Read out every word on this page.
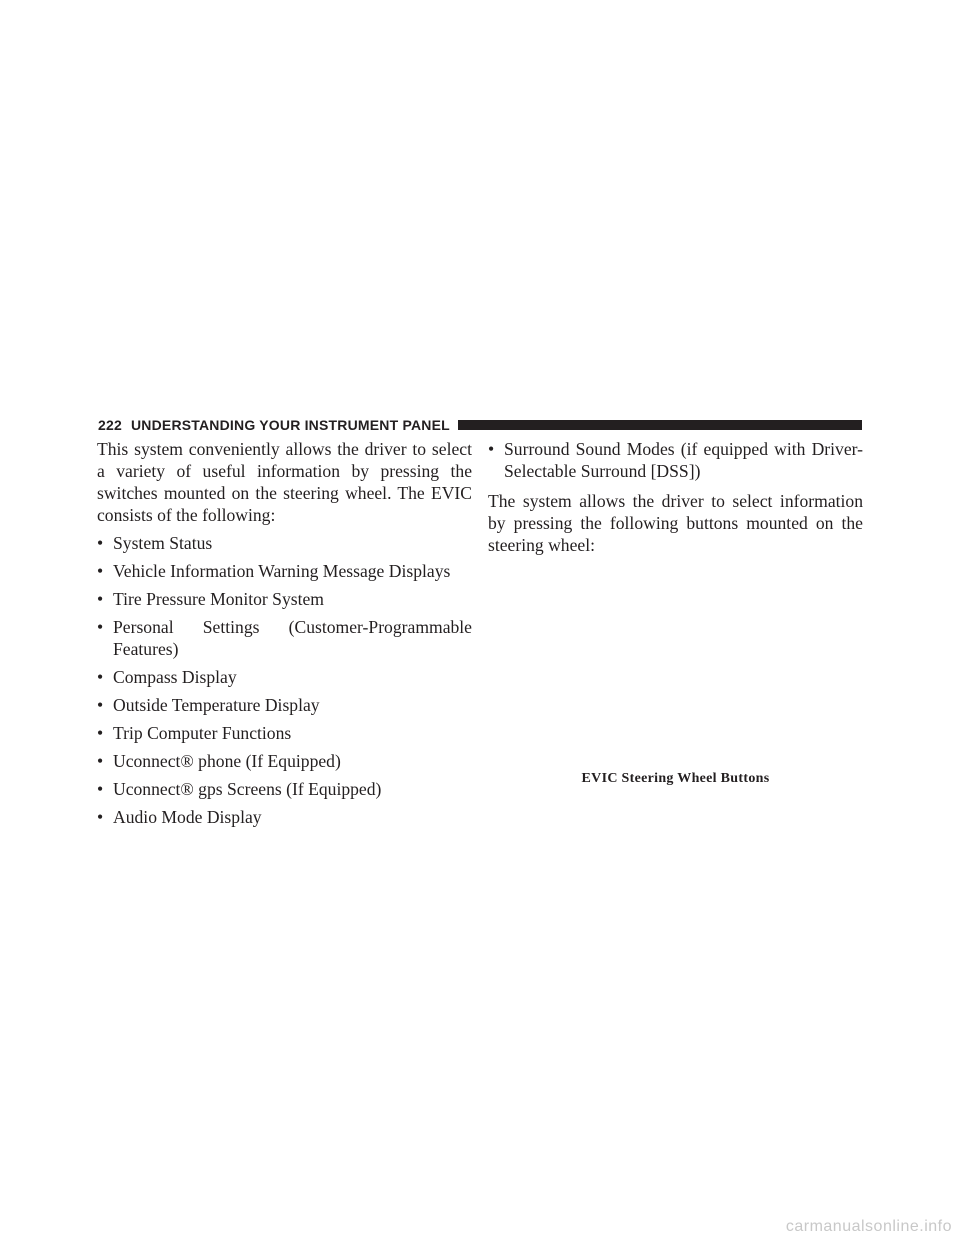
222 UNDERSTANDING YOUR INSTRUMENT PANEL

This system conveniently allows the driver to select a variety of useful information by pressing the switches mounted on the steering wheel. The EVIC consists of the following:

• System Status
• Vehicle Information Warning Message Displays
• Tire Pressure Monitor System
• Personal Settings (Customer-Programmable Features)
• Compass Display
• Outside Temperature Display
• Trip Computer Functions
• Uconnect® phone (If Equipped)
• Uconnect® gps Screens (If Equipped)
• Audio Mode Display
• Surround Sound Modes (if equipped with Driver-Selectable Surround [DSS])

The system allows the driver to select information by pressing the following buttons mounted on the steering wheel:

EVIC Steering Wheel Buttons
carmanualsonline.info
